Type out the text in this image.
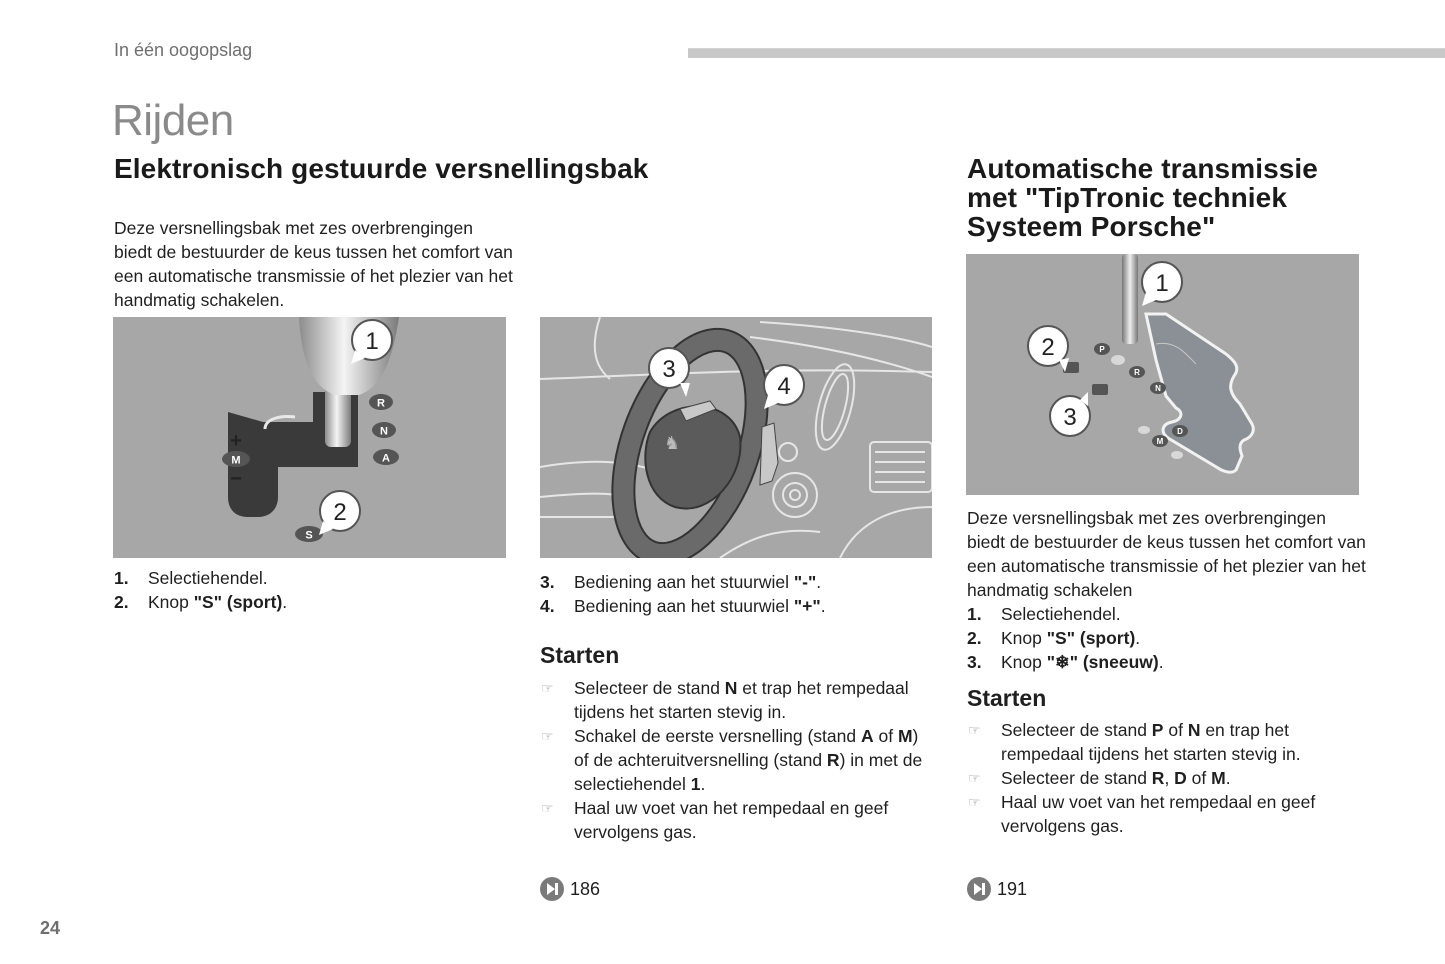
In één oogopslag
Rijden
Elektronisch gestuurde versnellingsbak

Deze versnellingsbak met zes overbrengingen biedt de bestuurder de keus tussen het comfort van een automatische transmissie of het plezier van het handmatig schakelen.

R
N
A
M
+
−
S
1
2
1.	Selectiehendel.
2.	Knop "S" (sport).
♞
3
4
3.	Bediening aan het stuurwiel "-".
4.	Bediening aan het stuurwiel "+".
Starten
☞	Selecteer de stand N et trap het rempedaal tijdens het starten stevig in.
☞	Schakel de eerste versnelling (stand A of M) of de achteruitversnelling (stand R) in met de selectiehendel 1.
☞	Haal uw voet van het rempedaal en geef vervolgens gas.
186
Automatische transmissie met "TipTronic techniek Systeem Porsche"
P
R
N
D
M
1
2
3

Deze versnellingsbak met zes overbrengingen biedt de bestuurder de keus tussen het comfort van een automatische transmissie of het plezier van het handmatig schakelen

1.	Selectiehendel.
2.	Knop "S" (sport).
3.	Knop "❄" (sneeuw).
Starten
☞	Selecteer de stand P of N en trap het rempedaal tijdens het starten stevig in.
☞	Selecteer de stand R, D of M.
☞	Haal uw voet van het rempedaal en geef vervolgens gas.
191
24
